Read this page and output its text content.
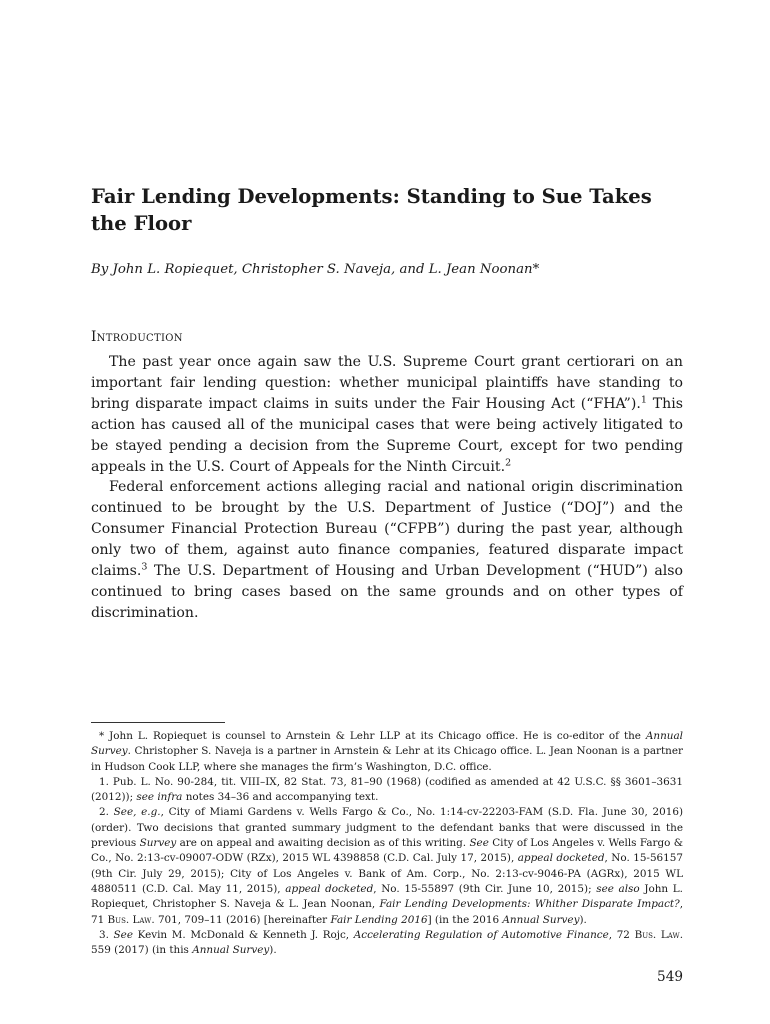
Fair Lending Developments: Standing to Sue Takes the Floor
By John L. Ropiequet, Christopher S. Naveja, and L. Jean Noonan*
Introduction

The past year once again saw the U.S. Supreme Court grant certiorari on an important fair lending question: whether municipal plaintiffs have standing to bring disparate impact claims in suits under the Fair Housing Act (“FHA”).$^1$ This action has caused all of the municipal cases that were being actively litigated to be stayed pending a decision from the Supreme Court, except for two pending appeals in the U.S. Court of Appeals for the Ninth Circuit.$^2$

Federal enforcement actions alleging racial and national origin discrimination continued to be brought by the U.S. Department of Justice (“DOJ”) and the Consumer Financial Protection Bureau (“CFPB”) during the past year, although only two of them, against auto finance companies, featured disparate impact claims.$^3$ The U.S. Department of Housing and Urban Development (“HUD”) also continued to bring cases based on the same grounds and on other types of discrimination.

* John L. Ropiequet is counsel to Arnstein & Lehr LLP at its Chicago office. He is co-editor of the Annual Survey. Christopher S. Naveja is a partner in Arnstein & Lehr at its Chicago office. L. Jean Noonan is a partner in Hudson Cook LLP, where she manages the firm’s Washington, D.C. office.

1. Pub. L. No. 90-284, tit. VIII–IX, 82 Stat. 73, 81–90 (1968) (codified as amended at 42 U.S.C. §§ 3601–3631 (2012)); see infra notes 34–36 and accompanying text.

2. See, e.g., City of Miami Gardens v. Wells Fargo & Co., No. 1:14-cv-22203-FAM (S.D. Fla. June 30, 2016) (order). Two decisions that granted summary judgment to the defendant banks that were discussed in the previous Survey are on appeal and awaiting decision as of this writing. See City of Los Angeles v. Wells Fargo & Co., No. 2:13-cv-09007-ODW (RZx), 2015 WL 4398858 (C.D. Cal. July 17, 2015), appeal docketed, No. 15-56157 (9th Cir. July 29, 2015); City of Los Angeles v. Bank of Am. Corp., No. 2:13-cv-9046-PA (AGRx), 2015 WL 4880511 (C.D. Cal. May 11, 2015), appeal docketed, No. 15-55897 (9th Cir. June 10, 2015); see also John L. Ropiequet, Christopher S. Naveja & L. Jean Noonan, Fair Lending Developments: Whither Disparate Impact?, 71 Bus. Law. 701, 709–11 (2016) [hereinafter Fair Lending 2016] (in the 2016 Annual Survey).

3. See Kevin M. McDonald & Kenneth J. Rojc, Accelerating Regulation of Automotive Finance, 72 Bus. Law. 559 (2017) (in this Annual Survey).

549
